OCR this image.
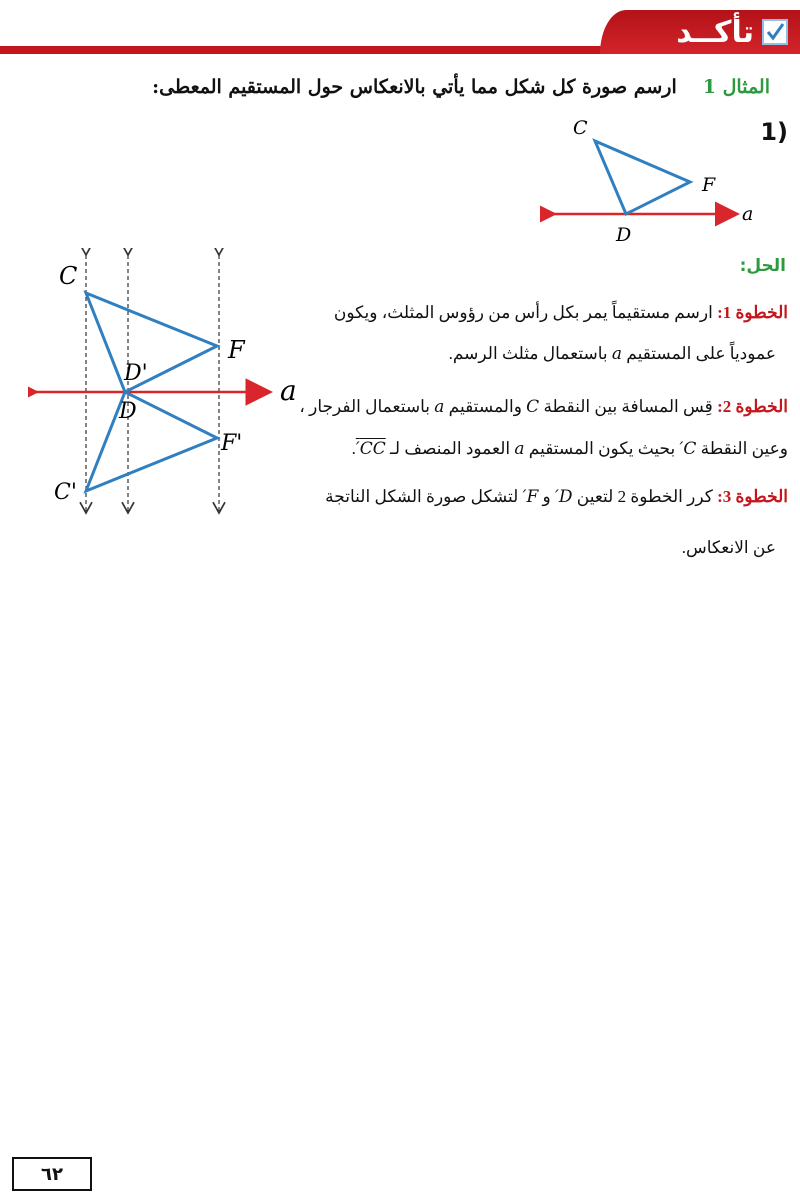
تأكــد
المثال 1ارسم صورة كل شكل مما يأتي بالانعكاس حول المستقيم المعطى:
1)
C
F
D
a
C
F
D'
D
F'
C'
a
الحل:
الخطوة 1: ارسم مستقيماً يمر بكل رأس من رؤوس المثلث، ويكون
عمودياً على المستقيم a باستعمال مثلث الرسم.
الخطوة 2: قِس المسافة بين النقطة C والمستقيم a باستعمال الفرجار ،
وعين النقطة C′ بحيث يكون المستقيم a العمود المنصف لـ CC′.
الخطوة 3: كرر الخطوة 2 لتعين D′ و F′ لتشكل صورة الشكل الناتجة
عن الانعكاس.
٦٢
